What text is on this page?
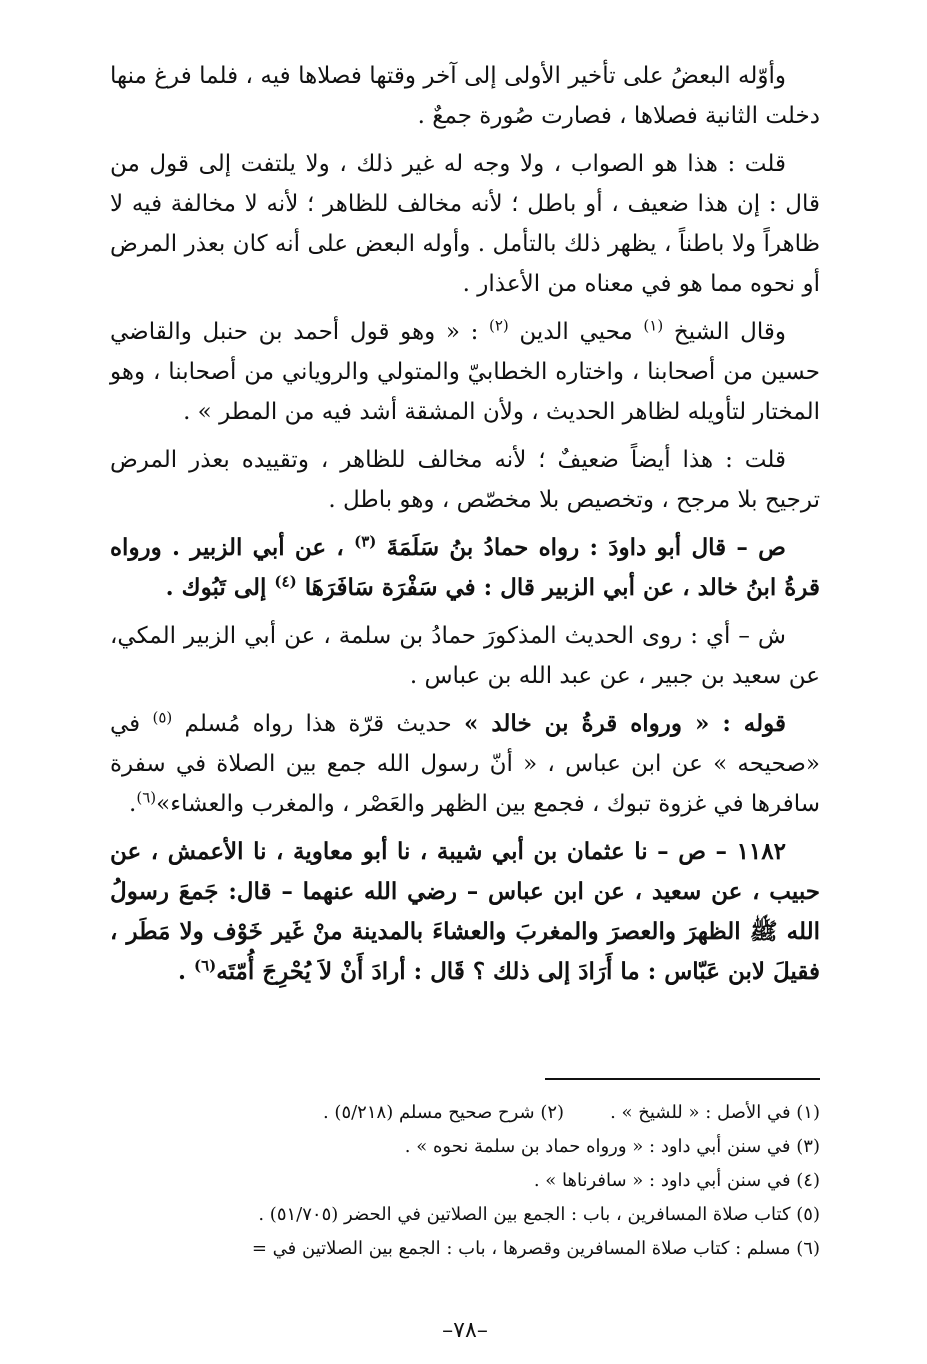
وأوّله البعضُ على تأخير الأولى إلى آخر وقتها فصلاها فيه ، فلما فرغ منها دخلت الثانية فصلاها ، فصارت صُورة جمعٌ .

قلت : هذا هو الصواب ، ولا وجه له غير ذلك ، ولا يلتفت إلى قول من قال : إن هذا ضعيف ، أو باطل ؛ لأنه مخالف للظاهر ؛ لأنه لا مخالفة فيه لا ظاهراً ولا باطناً ، يظهر ذلك بالتأمل . وأوله البعض على أنه كان بعذر المرض أو نحوه مما هو في معناه من الأعذار .

وقال الشيخ $^{(١)}$ محيي الدين $^{(٢)}$ : « وهو قول أحمد بن حنبل والقاضي حسين من أصحابنا ، واختاره الخطابيّ والمتولي والروياني من أصحابنا ، وهو المختار لتأويله لظاهر الحديث ، ولأن المشقة أشد فيه من المطر » .

قلت : هذا أيضاً ضعيفٌ ؛ لأنه مخالف للظاهر ، وتقييده بعذر المرض ترجيح بلا مرجح ، وتخصيص بلا مخصّص ، وهو باطل .

ص – قال أبو داودَ : رواه حمادُ بنُ سَلَمَةَ $^{(٣)}$ ، عن أبي الزبير . ورواه قرةُ ابنُ خالد ، عن أبي الزبير قال : في سَفْرَة سَافَرَهَا $^{(٤)}$ إلى تَبُوك .

ش – أي : روى الحديث المذكورَ حمادُ بن سلمة ، عن أبي الزبير المكي، عن سعيد بن جبير ، عن عبد الله بن عباس .

قوله : « ورواه قرةُ بن خالد » حديث قرّة هذا رواه مُسلم $^{(٥)}$ في «صحيحه » عن ابن عباس ، « أنّ رسول الله جمع بين الصلاة في سفرة سافرها في غزوة تبوك ، فجمع بين الظهر والعَصْر ، والمغرب والعشاء»$^{(٦)}$.

١١٨٢ – ص – نا عثمان بن أبي شيبة ، نا أبو معاوية ، نا الأعمش ، عن حبيب ، عن سعيد ، عن ابن عباس – رضي الله عنهما – قال: جَمعَ رسولُ الله ﷺ الظهرَ والعصرَ والمغربَ والعشاءَ بالمدينة منْ غَير خَوْف ولا مَطَر ، فقيلَ لابن عَبّاس : ما أَرَادَ إلى ذلك ؟ قَال : أرادَ أَنْ لاَ يُحْرِجَ أُمّتَه$^{(٦)}$ .

(١) في الأصل : « للشيخ » .
(٢) شرح صحيح مسلم (٥/٢١٨) .
(٣) في سنن أبي داود : « ورواه حماد بن سلمة نحوه » .
(٤) في سنن أبي داود : « سافرناها » .
(٥) كتاب صلاة المسافرين ، باب : الجمع بين الصلاتين في الحضر (٥١/٧٠٥) .
(٦) مسلم : كتاب صلاة المسافرين وقصرها ، باب : الجمع بين الصلاتين في =
–٧٨–
